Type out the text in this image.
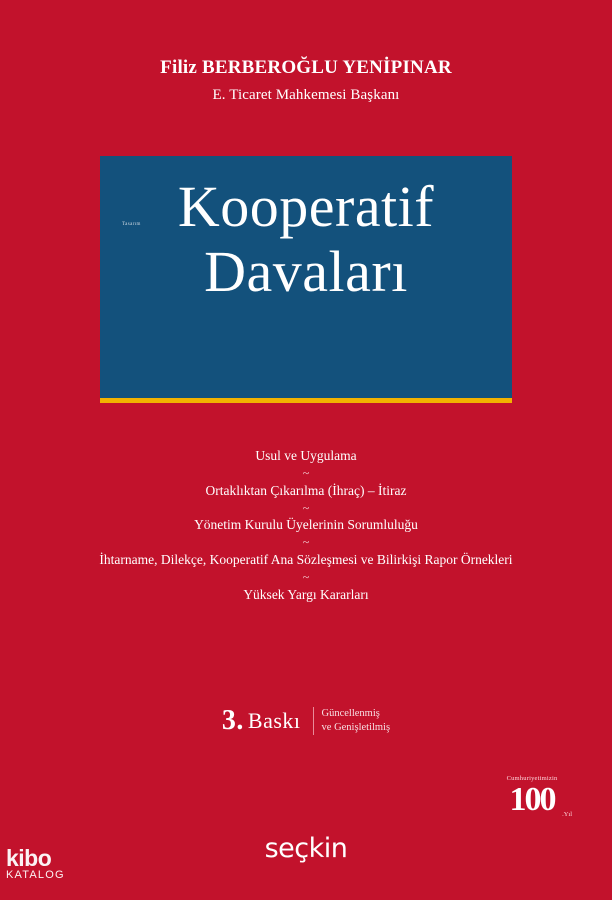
Filiz BERBEROĞLU YENİPINAR
E. Ticaret Mahkemesi Başkanı
Tasarım Kooperatif
Davaları
Usul ve Uygulama
~
Ortaklıktan Çıkarılma (İhraç) – İtiraz
~
Yönetim Kurulu Üyelerinin Sorumluluğu
~
İhtarname, Dilekçe, Kooperatif Ana Sözleşmesi ve Bilirkişi Rapor Örnekleri
~
Yüksek Yargı Kararları
3. Baskı Güncellenmiş
ve Genişletilmiş
Cumhuriyetimizin
100	.Yıl
seçkin
kibo
KATALOG
